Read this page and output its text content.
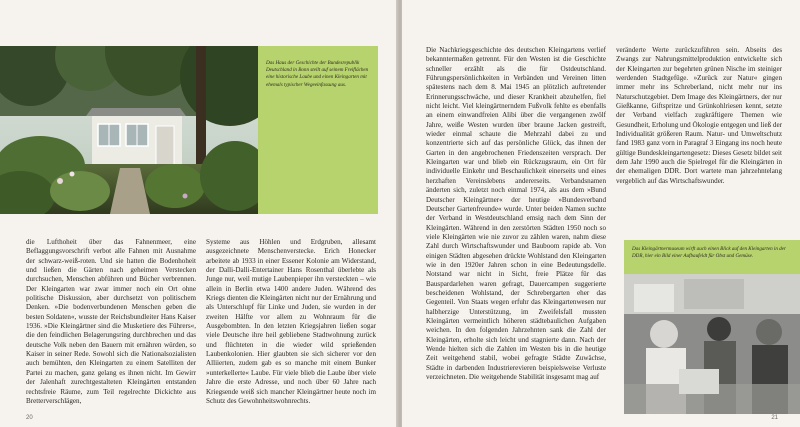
Das Haus der Geschichte der Bundesrepublik Deutschland in Bonn stellt auf seinem Freiflächen eine historische Laube und einen Kleingarten mit ehemals typischer Wegeeinfassung aus.

die Lufthoheit über das Fahnenmeer, eine Beflaggungsvorschrift verbot alle Fahnen mit Ausnahme der schwarz-weiß-roten. Und sie hatten die Bodenhoheit und ließen die Gärten nach geheimen Verstecken durchsuchen, Menschen abführen und Bücher verbrennen. Der Kleingarten war zwar immer noch ein Ort ohne politische Diskussion, aber durchsetzt von politischem Denken. »Die bodenverbundenen Menschen geben die besten Soldaten«, wusste der Reichsbundleiter Hans Kaiser 1936. »Die Kleingärtner sind die Musketiere des Führers«, die den feindlichen Belagerungsring durchbrechen und das deutsche Volk neben den Bauern mit ernähren würden, so Kaiser in seiner Rede. Sowohl sich die Nationalsozialisten auch bemühten, den Kleingarten zu einem Satelliten der Partei zu machen, ganz gelang es ihnen nicht. Im Gewirr der Jalenhaft zurechtgestalteten Kleingärten entstanden rechtsfreie Räume, zum Teil regelrechte Dickichte aus Bretterverschlägen,

Systeme aus Höhlen und Erdgruben, allesamt ausgezeichnete Menschenverstecke. Erich Honecker arbeitete ab 1933 in einer Essener Kolonie am Widerstand, der Dalli-Dalli-Entertainer Hans Rosenthal überlebte als Junge nur, weil mutige Laubenpieper ihn versteckten – wie allein in Berlin etwa 1400 andere Juden. Während des Kriegs dienten die Kleingärten nicht nur der Ernährung und als Unterschlupf für Linke und Juden, sie wurden in der zweiten Hälfte vor allem zu Wohnraum für die Ausgebombten. In den letzten Kriegsjahren ließen sogar viele Deutsche ihre heil gebliebene Stadtwohnung zurück und flüchteten in die wieder wild sprießenden Laubenkolonien. Hier glaubten sie sich sicherer vor den Alliierten, zudem gab es so manche mit einem Bunker »unterkellerte« Laube. Für viele blieb die Laube über viele Jahre die erste Adresse, und noch über 60 Jahre nach Kriegsende weiß sich mancher Kleingärtner heute noch im Schutz des Gewohnheitswohnrechts.

20

Die Nachkriegsgeschichte des deutschen Kleingartens verlief bekanntermaßen getrennt. Für den Westen ist die Geschichte schneller erzählt als die für Ostdeutschland. Führungspersönlichkeiten in Verbänden und Vereinen litten spätestens nach dem 8. Mai 1945 an plötzlich auftretender Erinnerungsschwäche, und dieser Krankheit abzuhelfen, fiel nicht leicht. Viel kleingärtnerndem Fußvolk fehlte es ebenfalls an einem einwandfreien Alibi über die vergangenen zwölf Jahre, weiße Westen wurden über braune Jacken gestreift, wieder einmal schaute die Mehrzahl dabei zu und konzentrierte sich auf das persönliche Glück, das ihnen der Garten in den angebrochenen Friedenszeiten versprach. Der Kleingarten war und blieb ein Rückzugsraum, ein Ort für individuelle Einkehr und Beschaulichkeit einerseits und eines herzhaften Vereinslebens andererseits. Verbandsnamen änderten sich, zuletzt noch einmal 1974, als aus dem »Bund Deutscher Kleingärtner« der heutige »Bundesverband Deutscher Gartenfreunde« wurde. Unter beiden Namen suchte der Verband in Westdeutschland emsig nach dem Sinn der Kleingärten. Während in den zerstörten Städten 1950 noch so viele Kleingärten wie nie zuvor zu zählen waren, nahm diese Zahl durch Wirtschaftswunder und Bauboom rapide ab. Von einigen Städten abgesehen drückte Wohlstand den Kleingarten wie in den 1920er Jahren schon in eine Bedeutungsdelle. Notstand war nicht in Sicht, freie Plätze für das Bauspardarlehen waren gefragt, Dauercampen suggerierte bescheidenen Wohlstand, der Schrebergarten eher das Gegenteil. Von Staats wegen erfuhr das Kleingartenwesen nur halbherzige Unterstützung, im Zweifelsfall mussten Kleingärten vermeintlich höheren städtebaulichen Aufgaben weichen. In den folgenden Jahrzehnten sank die Zahl der Kleingärten, erholte sich leicht und stagnierte dann. Nach der Wende hielten sich die Zahlen im Westen bis in die heutige Zeit weitgehend stabil, wobei gefragte Städte Zuwächse, Städte in darbenden Industrierevieren beispielsweise Verluste verzeichneten. Die weitgehende Stabilität insgesamt mag auf

veränderte Werte zurückzuführen sein. Abseits des Zwangs zur Nahrungsmittelproduktion entwickelte sich der Kleingarten zur begehrten grünen Nische im steiniger werdenden Stadtgefüge. »Zurück zur Natur« gingen immer mehr ins Schreberland, nicht mehr nur ins Naturschutzgebiet. Dem Image des Kleingärtners, der nur Gießkanne, Giftspritze und Grünkohlriesen kennt, setzte der Verband vielfach zugkräftigere Themen wie Gesundheit, Erholung und Ökologie entgegen und ließ der Individualität größeren Raum. Natur- und Umweltschutz fand 1983 ganz vorn in Paragraf 3 Eingang ins noch heute gültige Bundeskleingartengesetz: Dieses Gesetz bildet seit dem Jahr 1990 auch die Spielregel für die Kleingärten in der ehemaligen DDR. Dort wartete man jahrzehntelang vergeblich auf das Wirtschaftswunder.

Das Kleingärtnermuseum wirft auch einen Blick auf den Kleingarten in der DDR, hier ein Bild einer Aufbaufeldt für Obst und Gemüse.

21
